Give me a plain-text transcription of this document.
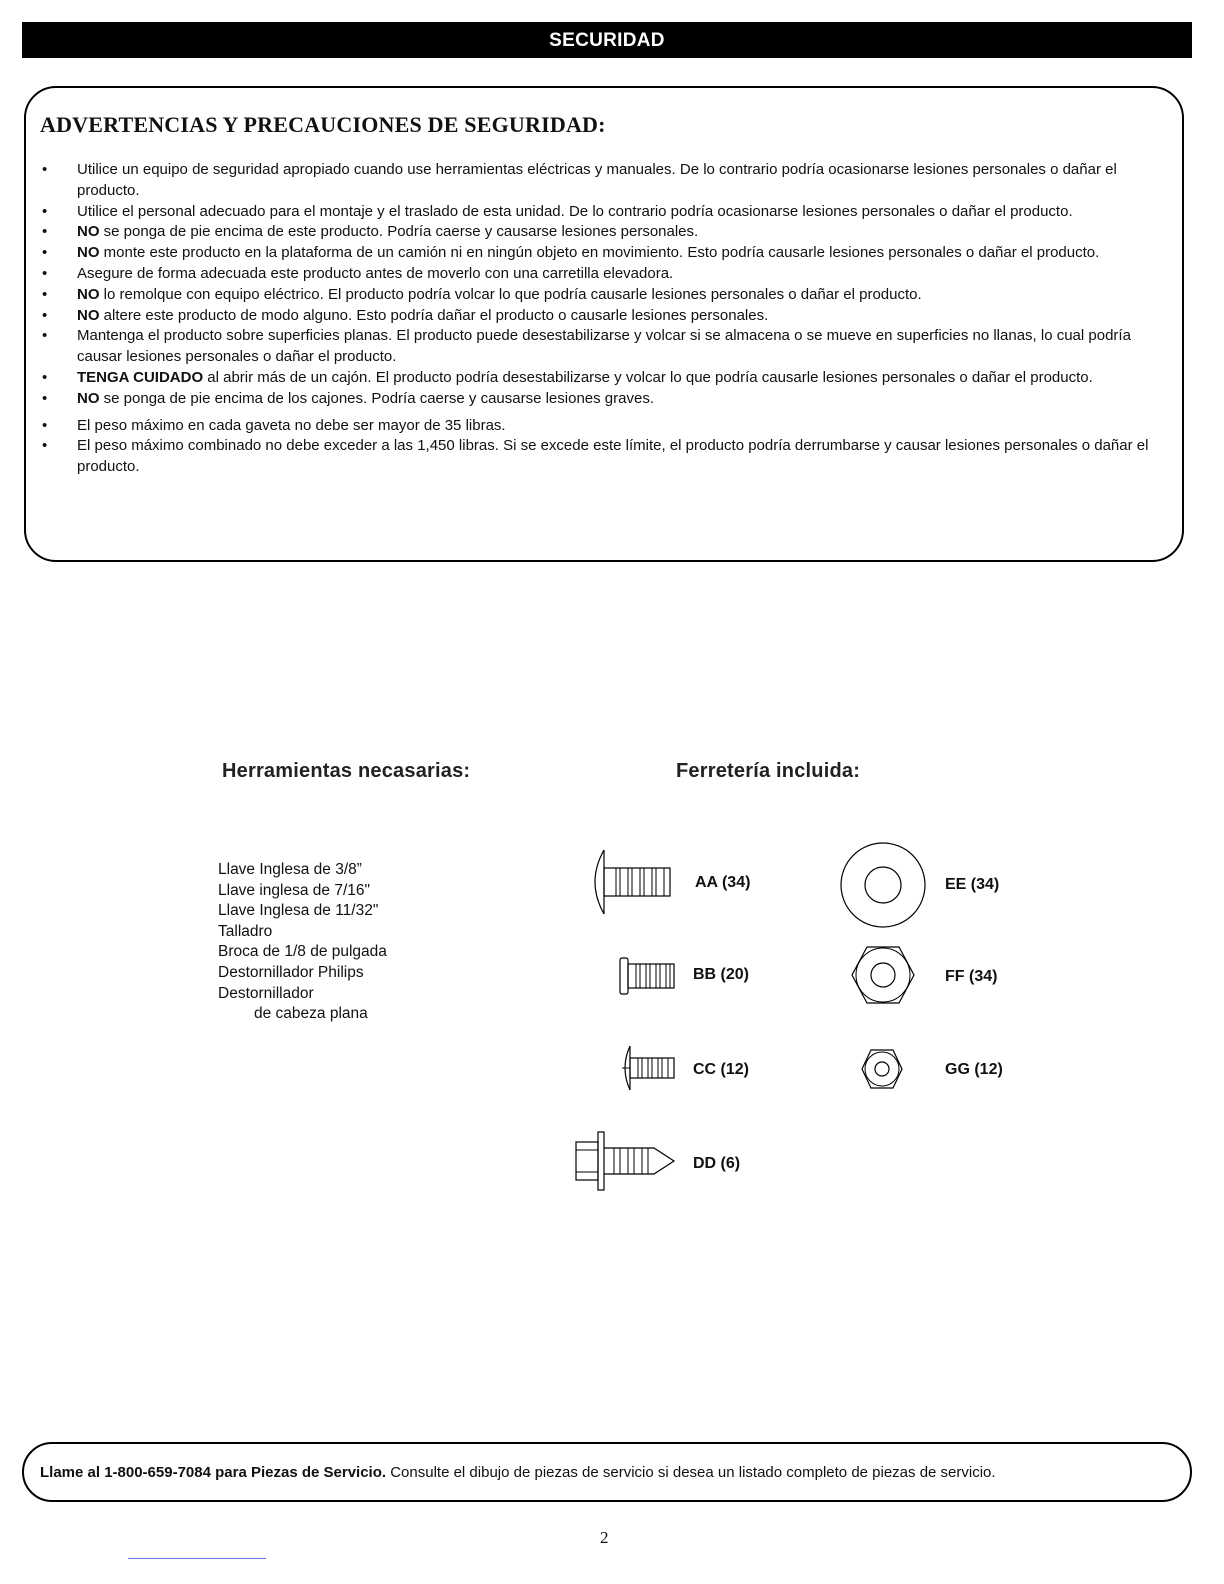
SECURIDAD
ADVERTENCIAS Y PRECAUCIONES DE SEGURIDAD:
• Utilice un equipo de seguridad apropiado cuando use herramientas eléctricas y manuales. De lo contrario podría ocasionarse lesiones personales o dañar el producto.
• Utilice el personal adecuado para el montaje y el traslado de esta unidad. De lo contrario podría ocasionarse lesiones personales o dañar el producto.
• NO se ponga de pie encima de este producto. Podría caerse y causarse lesiones personales.
• NO monte este producto en la plataforma de un camión ni en ningún objeto en movimiento. Esto podría causarle lesiones personales o dañar el producto.
• Asegure de forma adecuada este producto antes de moverlo con una carretilla elevadora.
• NO lo remolque con equipo eléctrico. El producto podría volcar lo que podría causarle lesiones personales o dañar el producto.
• NO altere este producto de modo alguno. Esto podría dañar el producto o causarle lesiones personales.
• Mantenga el producto sobre superficies planas. El producto puede desestabilizarse y volcar si se almacena o se mueve en superficies no llanas, lo cual podría causar lesiones personales o dañar el producto.
• TENGA CUIDADO al abrir más de un cajón. El producto podría desestabilizarse y volcar lo que podría causarle lesiones personales o dañar el producto.
• NO se ponga de pie encima de los cajones. Podría caerse y causarse lesiones graves.
• El peso máximo en cada gaveta no debe ser mayor de 35 libras.
• El peso máximo combinado no debe exceder a las 1,450 libras. Si se excede este límite, el producto podría derrumbarse y causar lesiones personales o dañar el producto.
Herramientas necasarias:
Llave Inglesa de 3/8”
Llave inglesa de 7/16"
Llave Inglesa de 11/32"
Talladro
Broca de 1/8 de pulgada
Destornillador Philips
Destornillador
de cabeza plana
Ferretería incluida:
AA (34)
BB (20)
CC (12)
DD (6)
EE (34)
FF (34)
GG (12)
Llame al 1-800-659-7084 para Piezas de Servicio. Consulte el dibujo de piezas de servicio si desea un listado completo de piezas de servicio.
2
